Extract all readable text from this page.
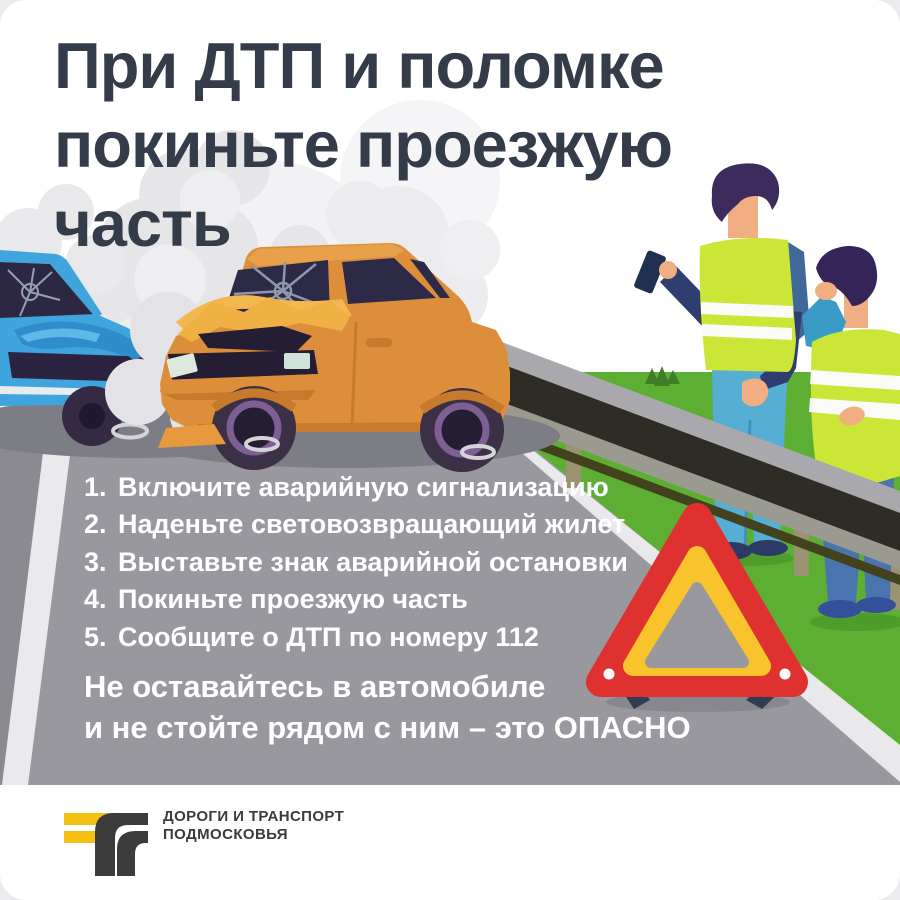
При ДТП и поломке
покиньте проезжую
часть
1. Включите аварийную сигнализацию
2. Наденьте световозвращающий жилет
3. Выставьте знак аварийной остановки
4. Покиньте проезжую часть
5. Сообщите о ДТП по номеру 112
Не оставайтесь в автомобиле
и не стойте рядом с ним – это ОПАСНО
ДОРОГИ И ТРАНСПОРТ
ПОДМОСКОВЬЯ
